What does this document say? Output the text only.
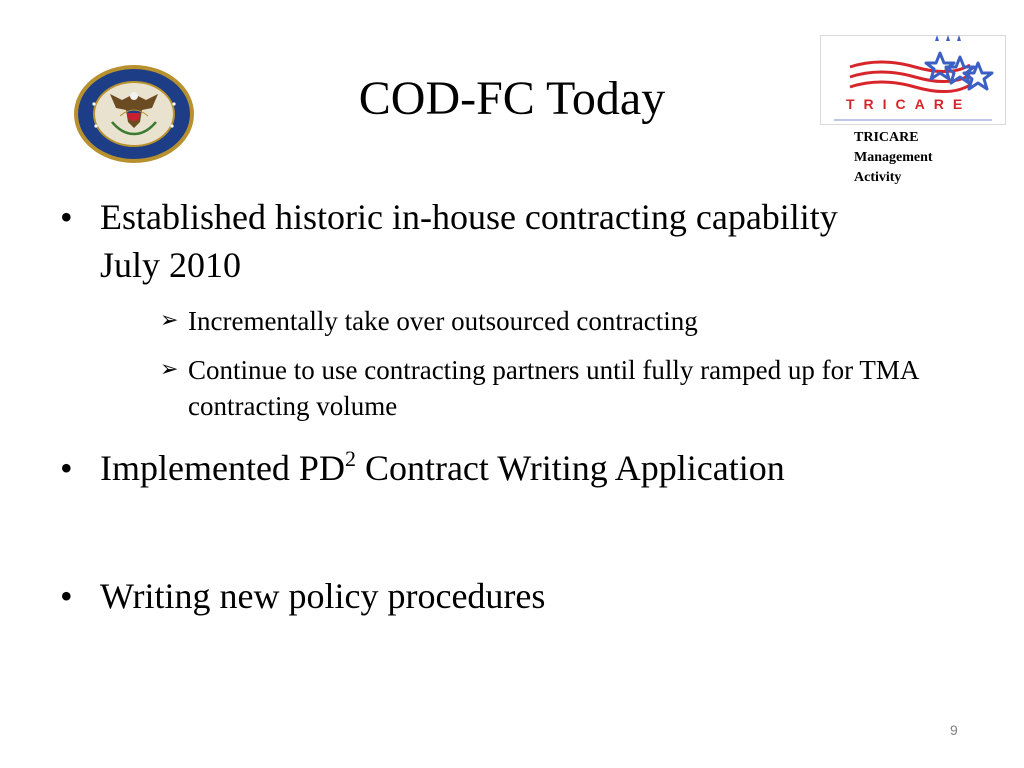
COD-FC Today	TRICARE
TRICARE
Management
Activity
• Established historic in-house contracting capability July 2010
➢ Incrementally take over outsourced contracting
➢ Continue to use contracting partners until fully ramped up for TMA contracting volume
• Implemented $PD^2$ Contract Writing Application
• Writing new policy procedures
9
